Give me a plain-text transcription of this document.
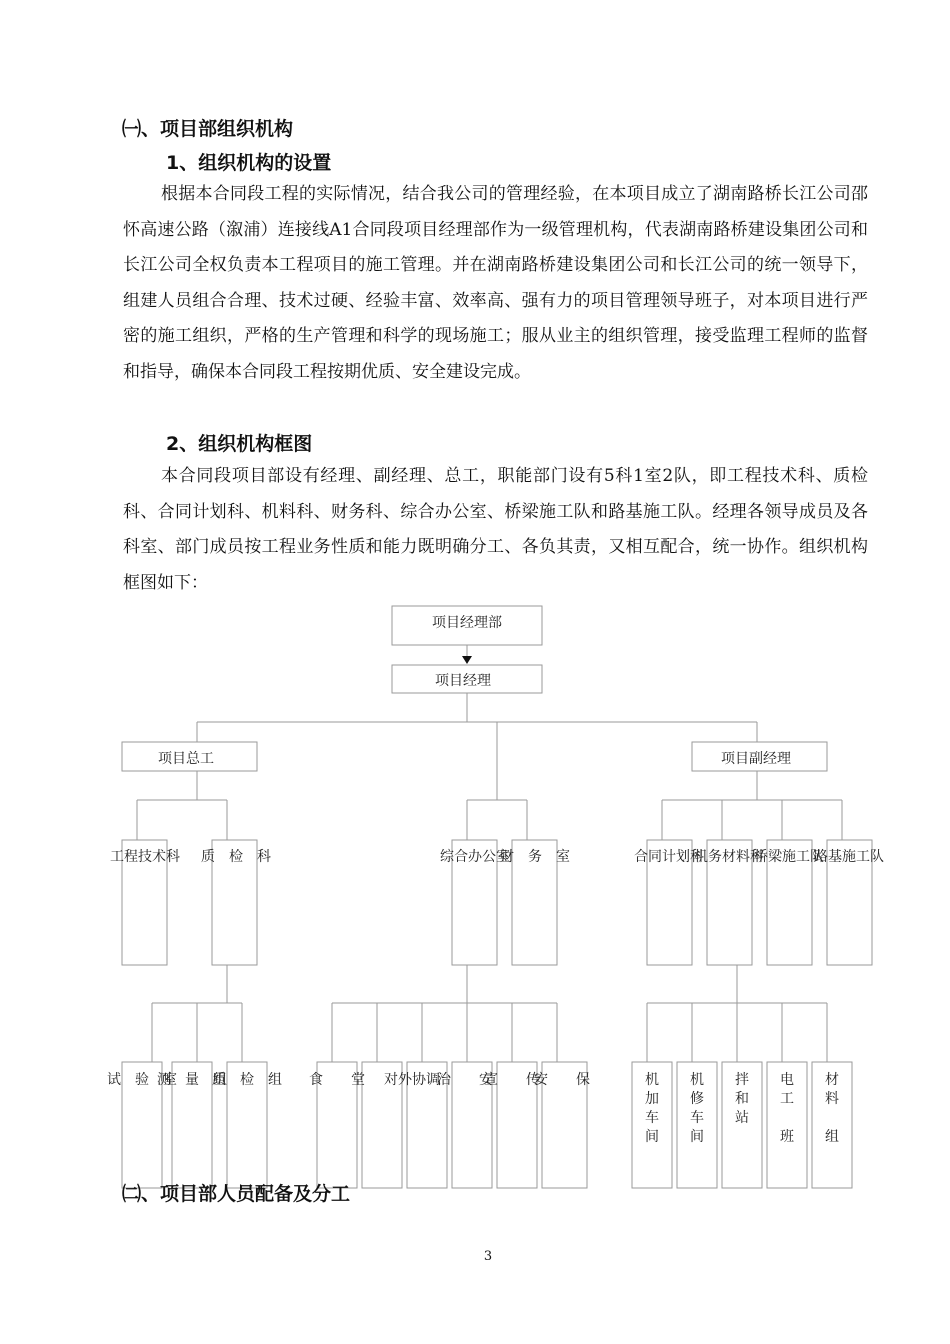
㈠、项目部组织机构
1、组织机构的设置

根据本合同段工程的实际情况，结合我公司的管理经验，在本项目成立了湖南路桥长江公司邵怀高速公路（溆浦）连接线A1合同段项目经理部作为一级管理机构，代表湖南路桥建设集团公司和长江公司全权负责本工程项目的施工管理。并在湖南路桥建设集团公司和长江公司的统一领导下，组建人员组合合理、技术过硬、经验丰富、效率高、强有力的项目管理领导班子，对本项目进行严密的施工组织，严格的生产管理和科学的现场施工；服从业主的组织管理，接受监理工程师的监督和指导，确保本合同段工程按期优质、安全建设完成。

2、组织机构框图

本合同段项目部设有经理、副经理、总工，职能部门设有5科1室2队，即工程技术科、质检科、合同计划科、机料科、财务科、综合办公室、桥梁施工队和路基施工队。经理各领导成员及各科室、部门成员按工程业务性质和能力既明确分工、各负其责，又相互配合，统一协作。组织机构框图如下：

项目经理部
项目经理
项目总工	项目副经理
工程技术科 质　检　科	综合办公室
财　务　室	合同计划科
机务材料科
桥梁施工队
路基施工队
试　验　室
测　量　组
质　检　组 食　　堂 对外协调
治　　安
宣　　传
安　　保	机加车间
机修车间
拌和站
电工班
材料组
㈡、项目部人员配备及分工
3
